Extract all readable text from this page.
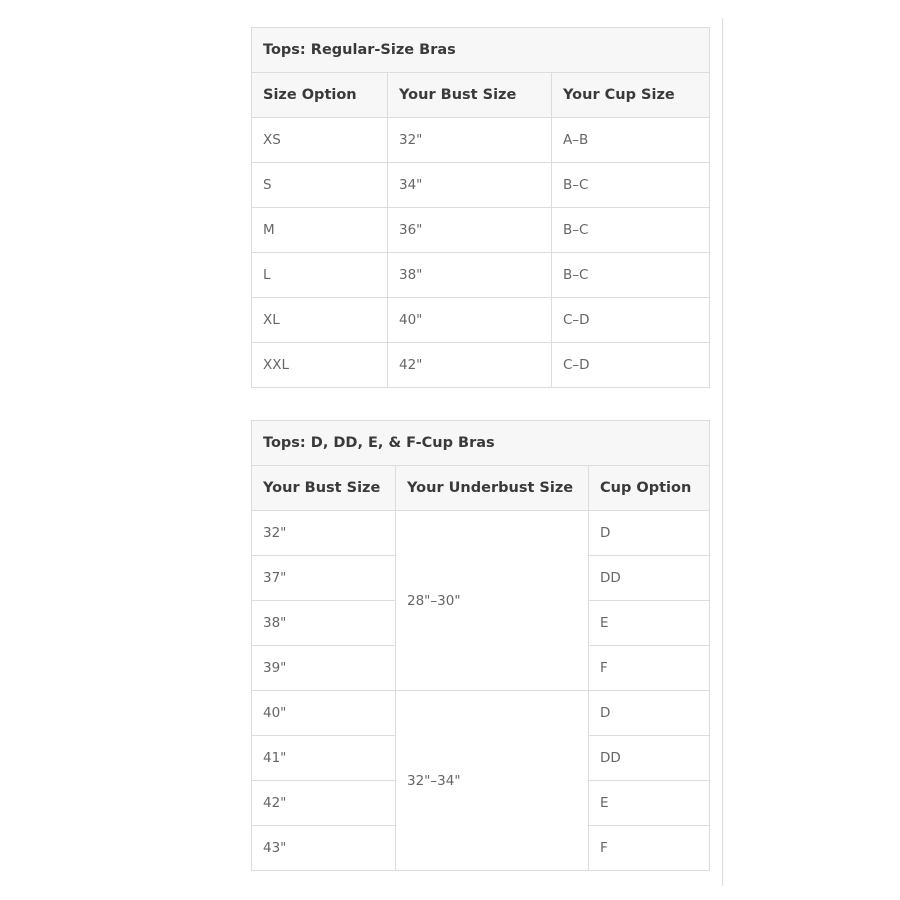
Tops: Regular-Size Bras		
Size Option	Your Bust Size	Your Cup Size
XS	32"	A–B
S	34"	B–C
M	36"	B–C
L	38"	B–C
XL	40"	C–D
XXL	42"	C–D
Tops: D, DD, E, & F-Cup Bras		
Your Bust Size	Your Underbust Size	Cup Option
32"	28"–30"	D
37"		DD
38"		E
39"		F
40"	32"–34"	D
41"		DD
42"		E
43"		F
